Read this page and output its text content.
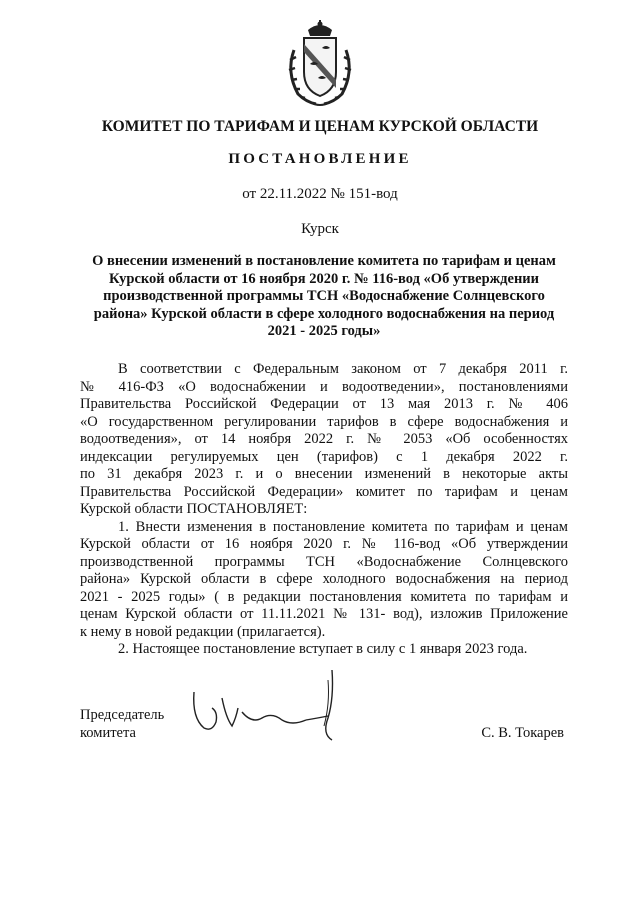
КОМИТЕТ ПО ТАРИФАМ И ЦЕНАМ КУРСКОЙ ОБЛАСТИ
ПОСТАНОВЛЕНИЕ
от 22.11.2022 № 151-вод
Курск
О внесении изменений в постановление комитета по тарифам и ценам
Курской области от 16 ноября 2020 г. № 116-вод «Об утверждении
производственной программы ТСН «Водоснабжение Солнцевского
района» Курской области в сфере холодного водоснабжения на период
2021 - 2025 годы»
В соответствии с Федеральным законом от 7 декабря 2011 г.
№ 416-ФЗ «О водоснабжении и водоотведении», постановлениями
Правительства Российской Федерации от 13 мая 2013 г. № 406
«О государственном регулировании тарифов в сфере водоснабжения и
водоотведения», от 14 ноября 2022 г. № 2053 «Об особенностях
индексации регулируемых цен (тарифов) с 1 декабря 2022 г.
по 31 декабря 2023 г. и о внесении изменений в некоторые акты
Правительства Российской Федерации» комитет по тарифам и ценам
Курской области ПОСТАНОВЛЯЕТ:
1. Внести изменения в постановление комитета по тарифам и ценам
Курской области от 16 ноября 2020 г. № 116-вод «Об утверждении
производственной программы ТСН «Водоснабжение Солнцевского
района» Курской области в сфере холодного водоснабжения на период
2021 - 2025 годы» ( в редакции постановления комитета по тарифам и
ценам Курской области от 11.11.2021 № 131- вод), изложив Приложение
к нему в новой редакции (прилагается).
2. Настоящее постановление вступает в силу с 1 января 2023 года.
Председатель
комитета	С. В. Токарев
